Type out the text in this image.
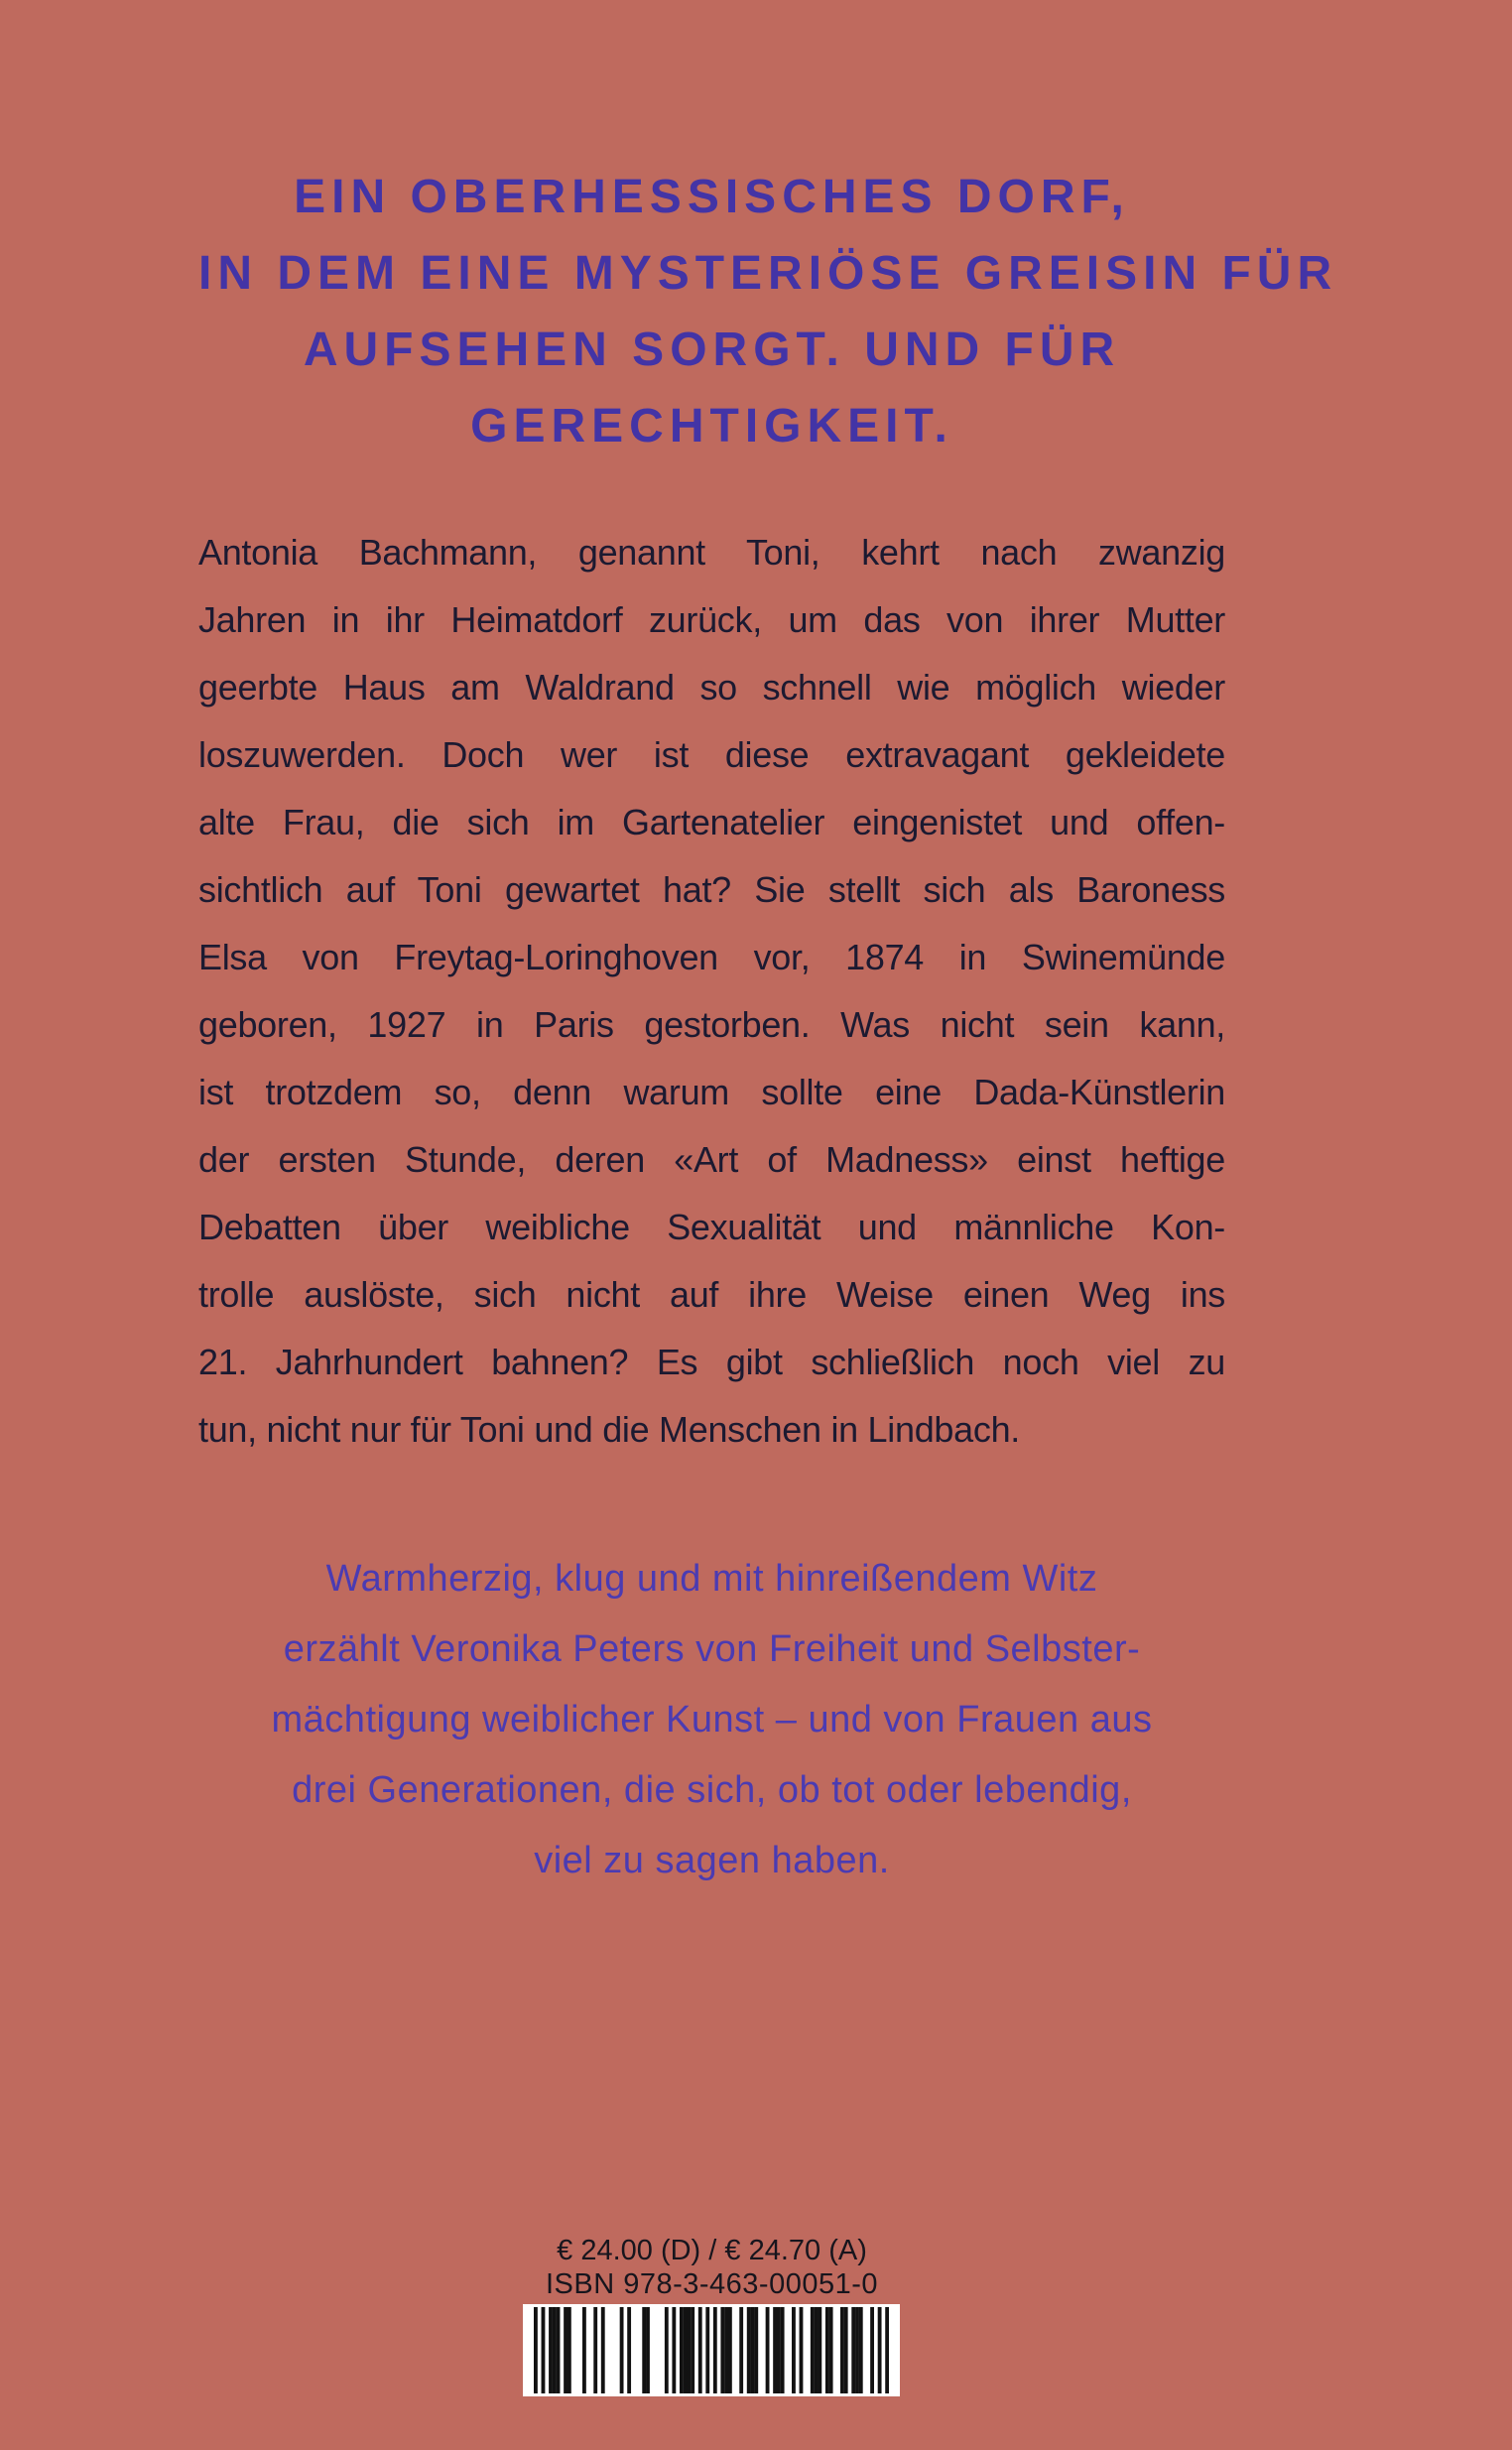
EIN OBERHESSISCHES DORF,
IN DEM EINE MYSTERIÖSE GREISIN FÜR
AUFSEHEN SORGT. UND FÜR
GERECHTIGKEIT.
Antonia Bachmann, genannt Toni, kehrt nach zwanzig
Jahren in ihr Heimatdorf zurück, um das von ihrer Mutter
geerbte Haus am Waldrand so schnell wie möglich wieder
loszuwerden. Doch wer ist diese extravagant gekleidete
alte Frau, die sich im Gartenatelier eingenistet und offen-
sichtlich auf Toni gewartet hat? Sie stellt sich als Baroness
Elsa von Freytag-Loringhoven vor, 1874 in Swinemünde
geboren, 1927 in Paris gestorben. Was nicht sein kann,
ist trotzdem so, denn warum sollte eine Dada-Künstlerin
der ersten Stunde, deren «Art of Madness» einst heftige
Debatten über weibliche Sexualität und männliche Kon-
trolle auslöste, sich nicht auf ihre Weise einen Weg ins
21. Jahrhundert bahnen? Es gibt schließlich noch viel zu
tun, nicht nur für Toni und die Menschen in Lindbach.
Warmherzig, klug und mit hinreißendem Witz
erzählt Veronika Peters von Freiheit und Selbster-
mächtigung weiblicher Kunst – und von Frauen aus
drei Generationen, die sich, ob tot oder lebendig,
viel zu sagen haben.
€ 24.00 (D) / € 24.70 (A)
ISBN 978-3-463-00051-0
